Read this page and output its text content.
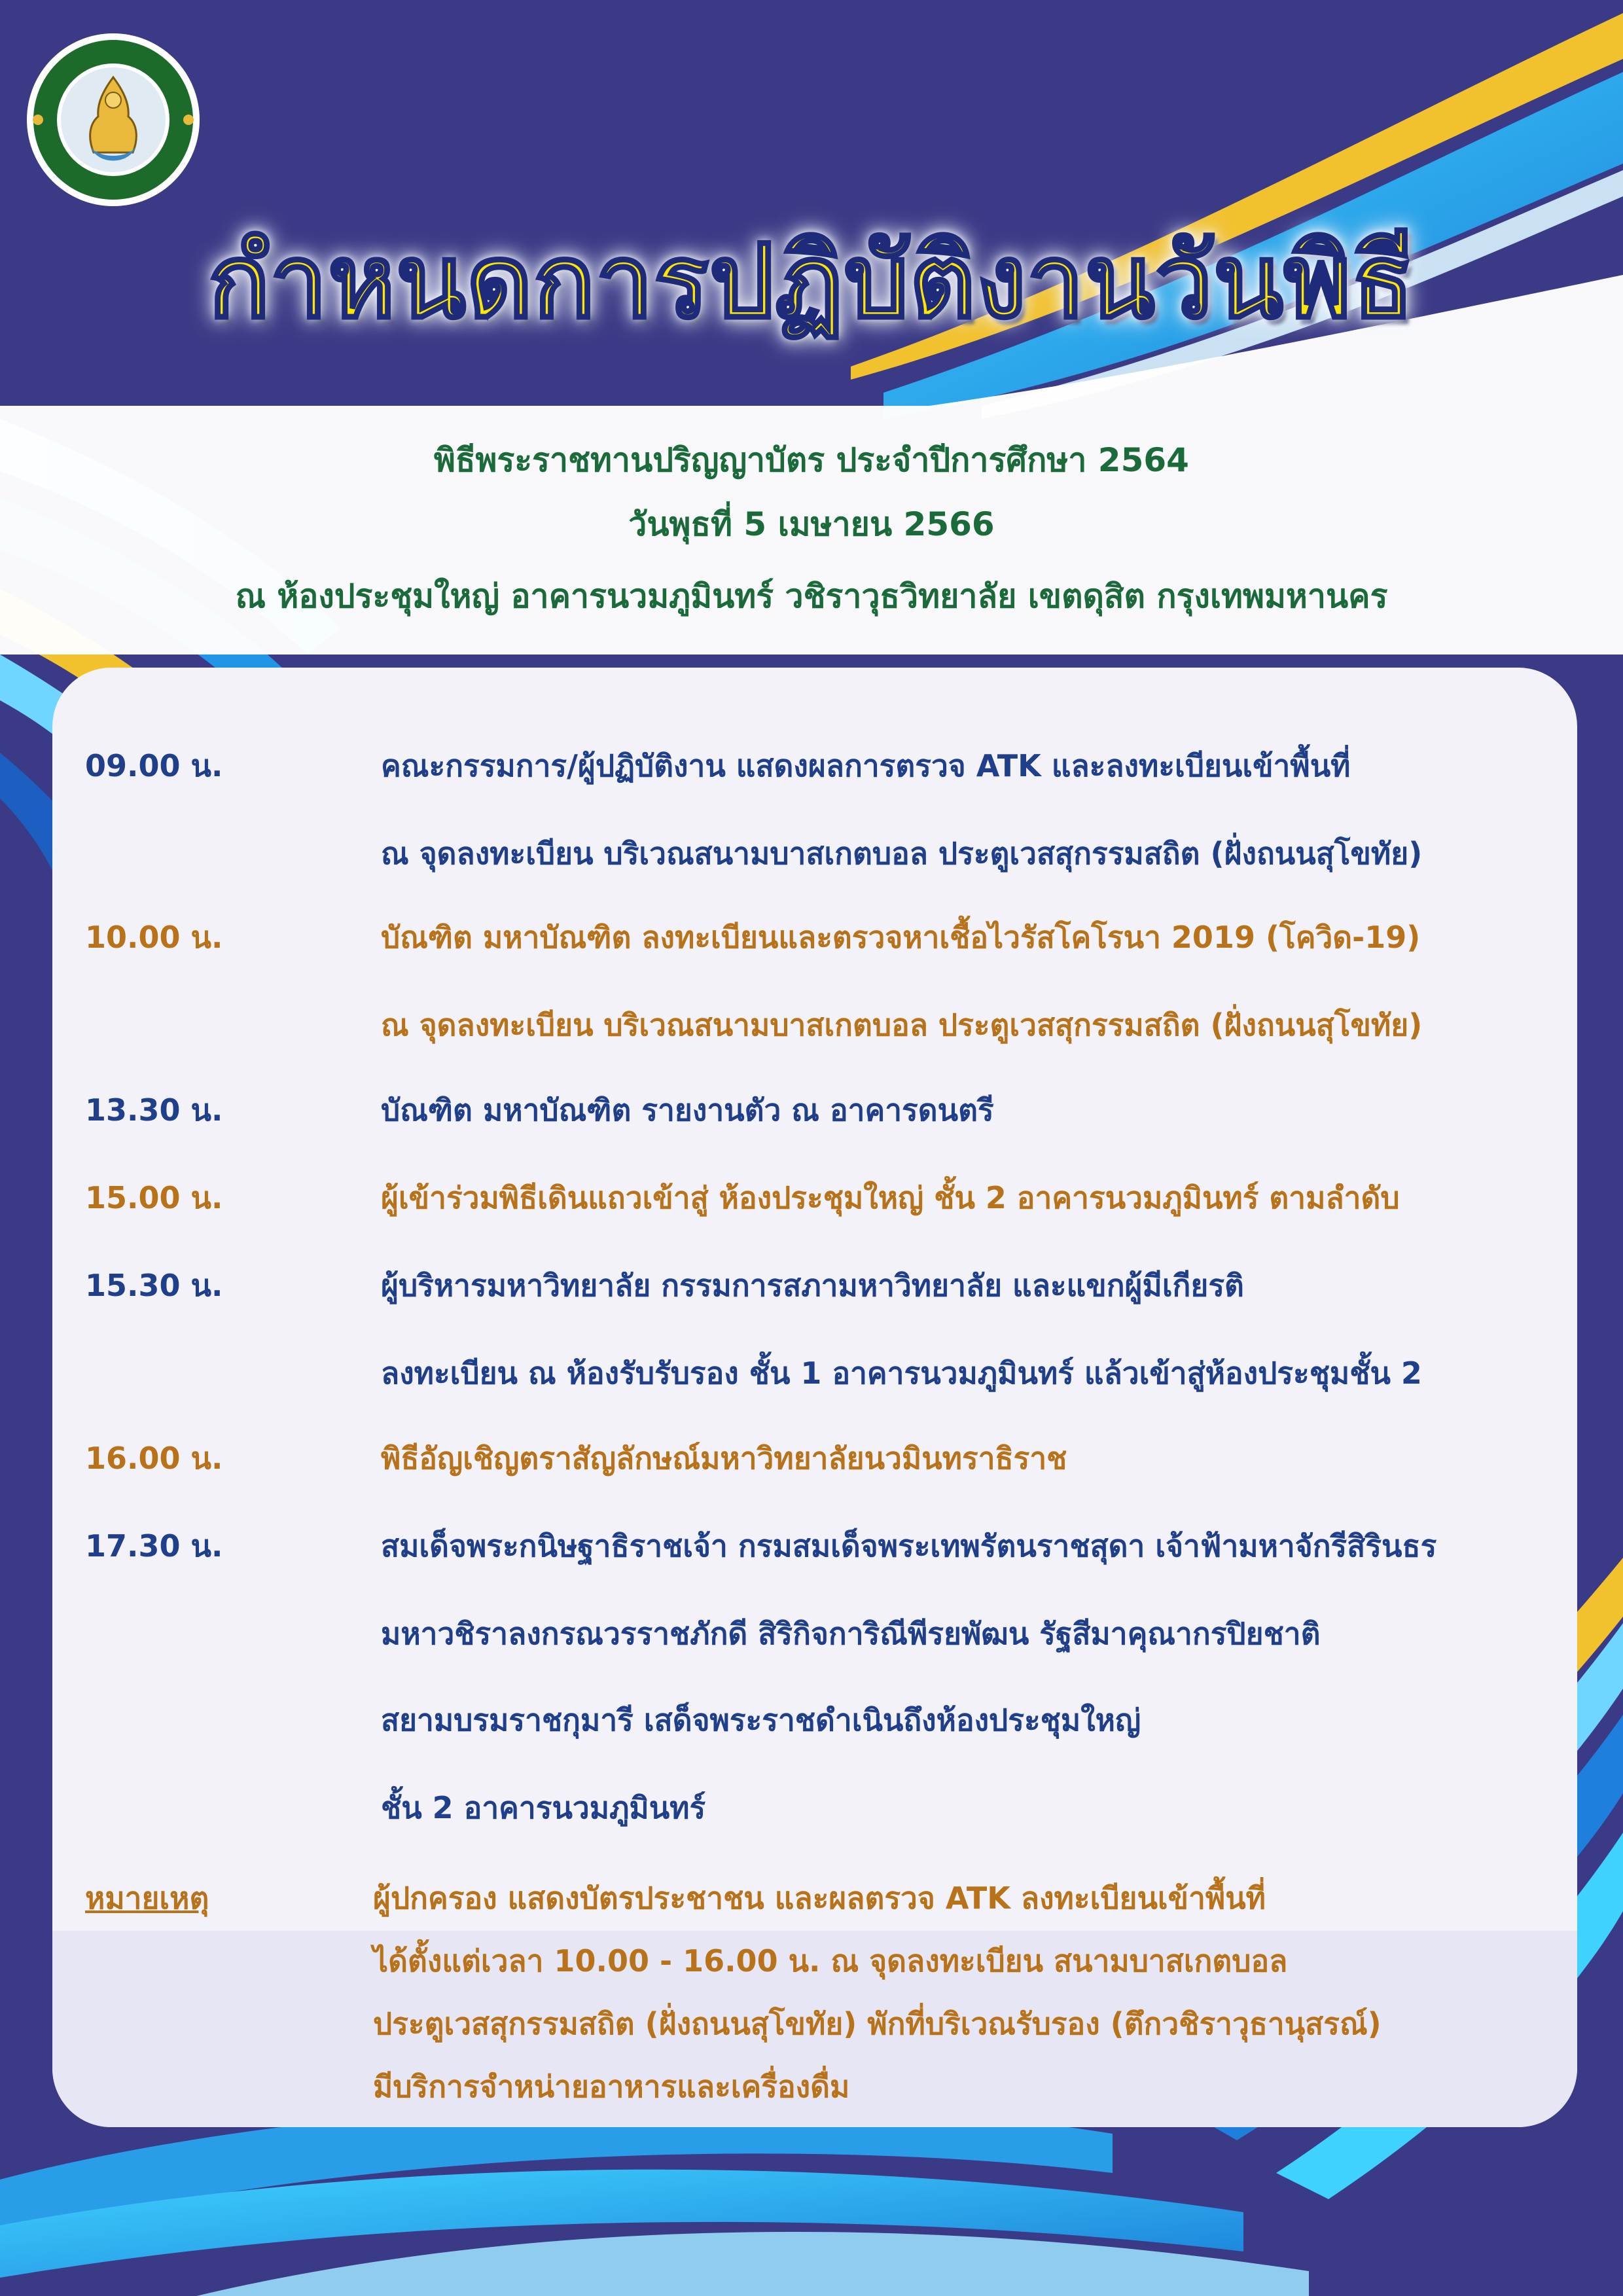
กำหนดการปฏิบัติงานวันพิธี
พิธีพระราชทานปริญญาบัตร ประจำปีการศึกษา 2564
วันพุธที่ 5 เมษายน 2566
ณ ห้องประชุมใหญ่ อาคารนวมภูมินทร์ วชิราวุธวิทยาลัย เขตดุสิต กรุงเทพมหานคร
09.00 น.	คณะกรรมการ/ผู้ปฏิบัติงาน แสดงผลการตรวจ ATK และลงทะเบียนเข้าพื้นที่
ณ จุดลงทะเบียน บริเวณสนามบาสเกตบอล ประตูเวสสุกรรมสถิต (ฝั่งถนนสุโขทัย)
10.00 น.	บัณฑิต มหาบัณฑิต ลงทะเบียนและตรวจหาเชื้อไวรัสโคโรนา 2019 (โควิด-19)
ณ จุดลงทะเบียน บริเวณสนามบาสเกตบอล ประตูเวสสุกรรมสถิต (ฝั่งถนนสุโขทัย)
13.30 น.	บัณฑิต มหาบัณฑิต รายงานตัว ณ อาคารดนตรี
15.00 น.	ผู้เข้าร่วมพิธีเดินแถวเข้าสู่ ห้องประชุมใหญ่ ชั้น 2 อาคารนวมภูมินทร์ ตามลำดับ
15.30 น.	ผู้บริหารมหาวิทยาลัย กรรมการสภามหาวิทยาลัย และแขกผู้มีเกียรติ
ลงทะเบียน ณ ห้องรับรับรอง ชั้น 1 อาคารนวมภูมินทร์ แล้วเข้าสู่ห้องประชุมชั้น 2
16.00 น.	พิธีอัญเชิญตราสัญลักษณ์มหาวิทยาลัยนวมินทราธิราช
17.30 น.	สมเด็จพระกนิษฐาธิราชเจ้า กรมสมเด็จพระเทพรัตนราชสุดา เจ้าฟ้ามหาจักรีสิรินธร
มหาวชิราลงกรณวรราชภักดี สิริกิจการิณีพีรยพัฒน รัฐสีมาคุณากรปิยชาติ
สยามบรมราชกุมารี เสด็จพระราชดำเนินถึงห้องประชุมใหญ่
ชั้น 2 อาคารนวมภูมินทร์
หมายเหตุ	ผู้ปกครอง แสดงบัตรประชาชน และผลตรวจ ATK ลงทะเบียนเข้าพื้นที่
ได้ตั้งแต่เวลา 10.00 - 16.00 น. ณ จุดลงทะเบียน สนามบาสเกตบอล
ประตูเวสสุกรรมสถิต (ฝั่งถนนสุโขทัย) พักที่บริเวณรับรอง (ตึกวชิราวุธานุสรณ์)
มีบริการจำหน่ายอาหารและเครื่องดื่ม
